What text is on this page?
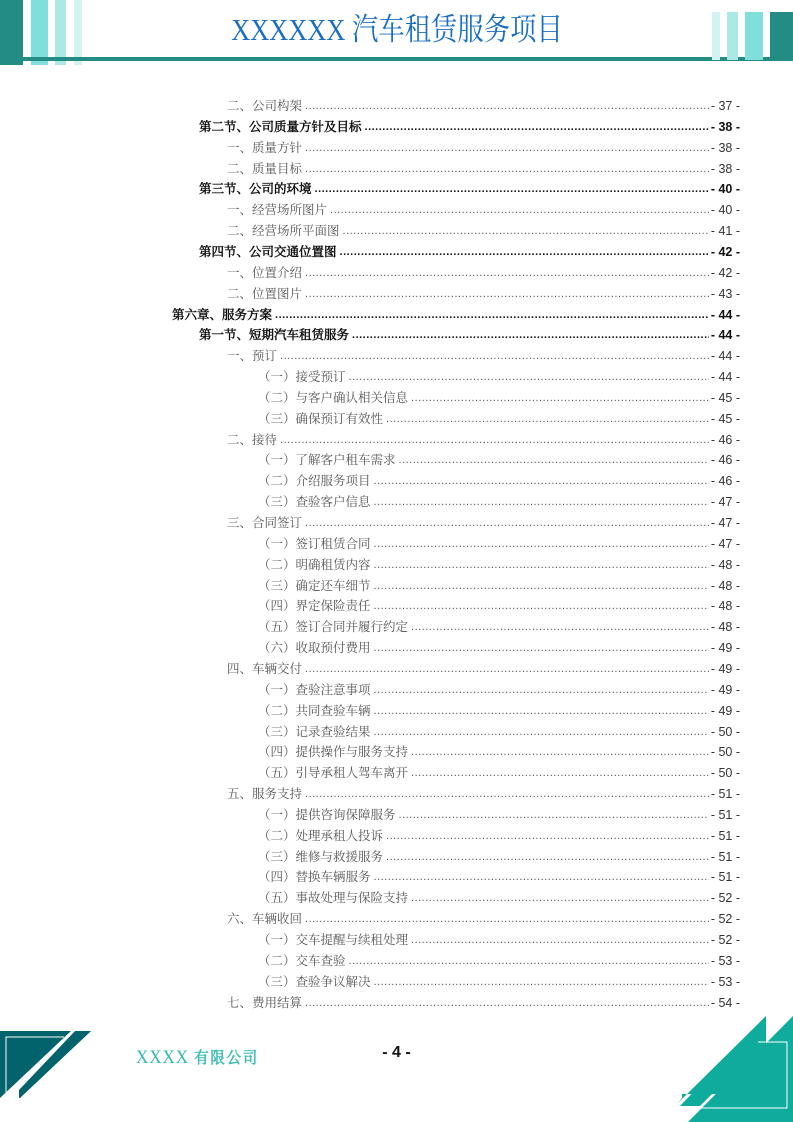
XXXXXX 汽车租赁服务项目
二、公司构架 .....	- 37 -
第二节、公司质量方针及目标 .....	- 38 -
一、质量方针 .....	- 38 -
二、质量目标 .....	- 38 -
第三节、公司的环境 .....	- 40 -
一、经营场所图片 .....	- 40 -
二、经营场所平面图 .....	- 41 -
第四节、公司交通位置图 .....	- 42 -
一、位置介绍 .....	- 42 -
二、位置图片 .....	- 43 -
第六章、服务方案 .....	- 44 -
第一节、短期汽车租赁服务 .....	- 44 -
一、预订 .....	- 44 -
（一）接受预订 .....	- 44 -
（二）与客户确认相关信息 .....	- 45 -
（三）确保预订有效性 .....	- 45 -
二、接待 .....	- 46 -
（一）了解客户租车需求 .....	- 46 -
（二）介绍服务项目 .....	- 46 -
（三）查验客户信息 .....	- 47 -
三、合同签订 .....	- 47 -
（一）签订租赁合同 .....	- 47 -
（二）明确租赁内容 .....	- 48 -
（三）确定还车细节 .....	- 48 -
（四）界定保险责任 .....	- 48 -
（五）签订合同并履行约定 .....	- 48 -
（六）收取预付费用 .....	- 49 -
四、车辆交付 .....	- 49 -
（一）查验注意事项 .....	- 49 -
（二）共同查验车辆 .....	- 49 -
（三）记录查验结果 .....	- 50 -
（四）提供操作与服务支持 .....	- 50 -
（五）引导承租人驾车离开 .....	- 50 -
五、服务支持 .....	- 51 -
（一）提供咨询保障服务 .....	- 51 -
（二）处理承租人投诉 .....	- 51 -
（三）维修与救援服务 .....	- 51 -
（四）替换车辆服务 .....	- 51 -
（五）事故处理与保险支持 .....	- 52 -
六、车辆收回 .....	- 52 -
（一）交车提醒与续租处理 .....	- 52 -
（二）交车查验 .....	- 53 -
（三）查验争议解决 .....	- 53 -
七、费用结算 .....	- 54 -
XXXX 有限公司	- 4 -
